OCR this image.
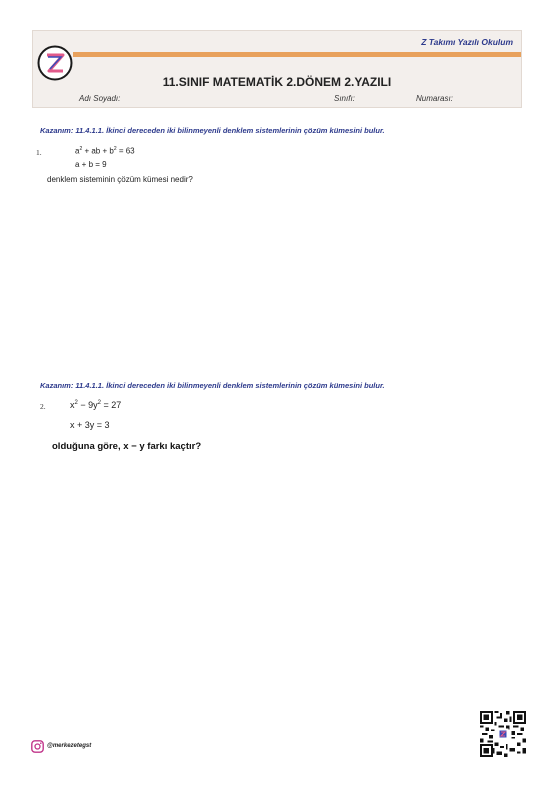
Z Takımı Yazılı Okulum
11.SINIF MATEMATİK 2.DÖNEM 2.YAZILI
Adı Soyadı:	Sınıfı:	Numarası:
Kazanım: 11.4.1.1. İkinci dereceden iki bilinmeyenli denklem sistemlerinin çözüm kümesini bulur.
1.	$a^2$ + ab + $b^2 = 63$
a + b = 9
denklem sisteminin çözüm kümesi nedir?
Kazanım: 11.4.1.1. İkinci dereceden iki bilinmeyenli denklem sistemlerinin çözüm kümesini bulur.
2.	$x^2 - 9y^2 = 27$
x + 3y = 3
olduğuna göre, x − y farkı kaçtır?
@merkezetegst
